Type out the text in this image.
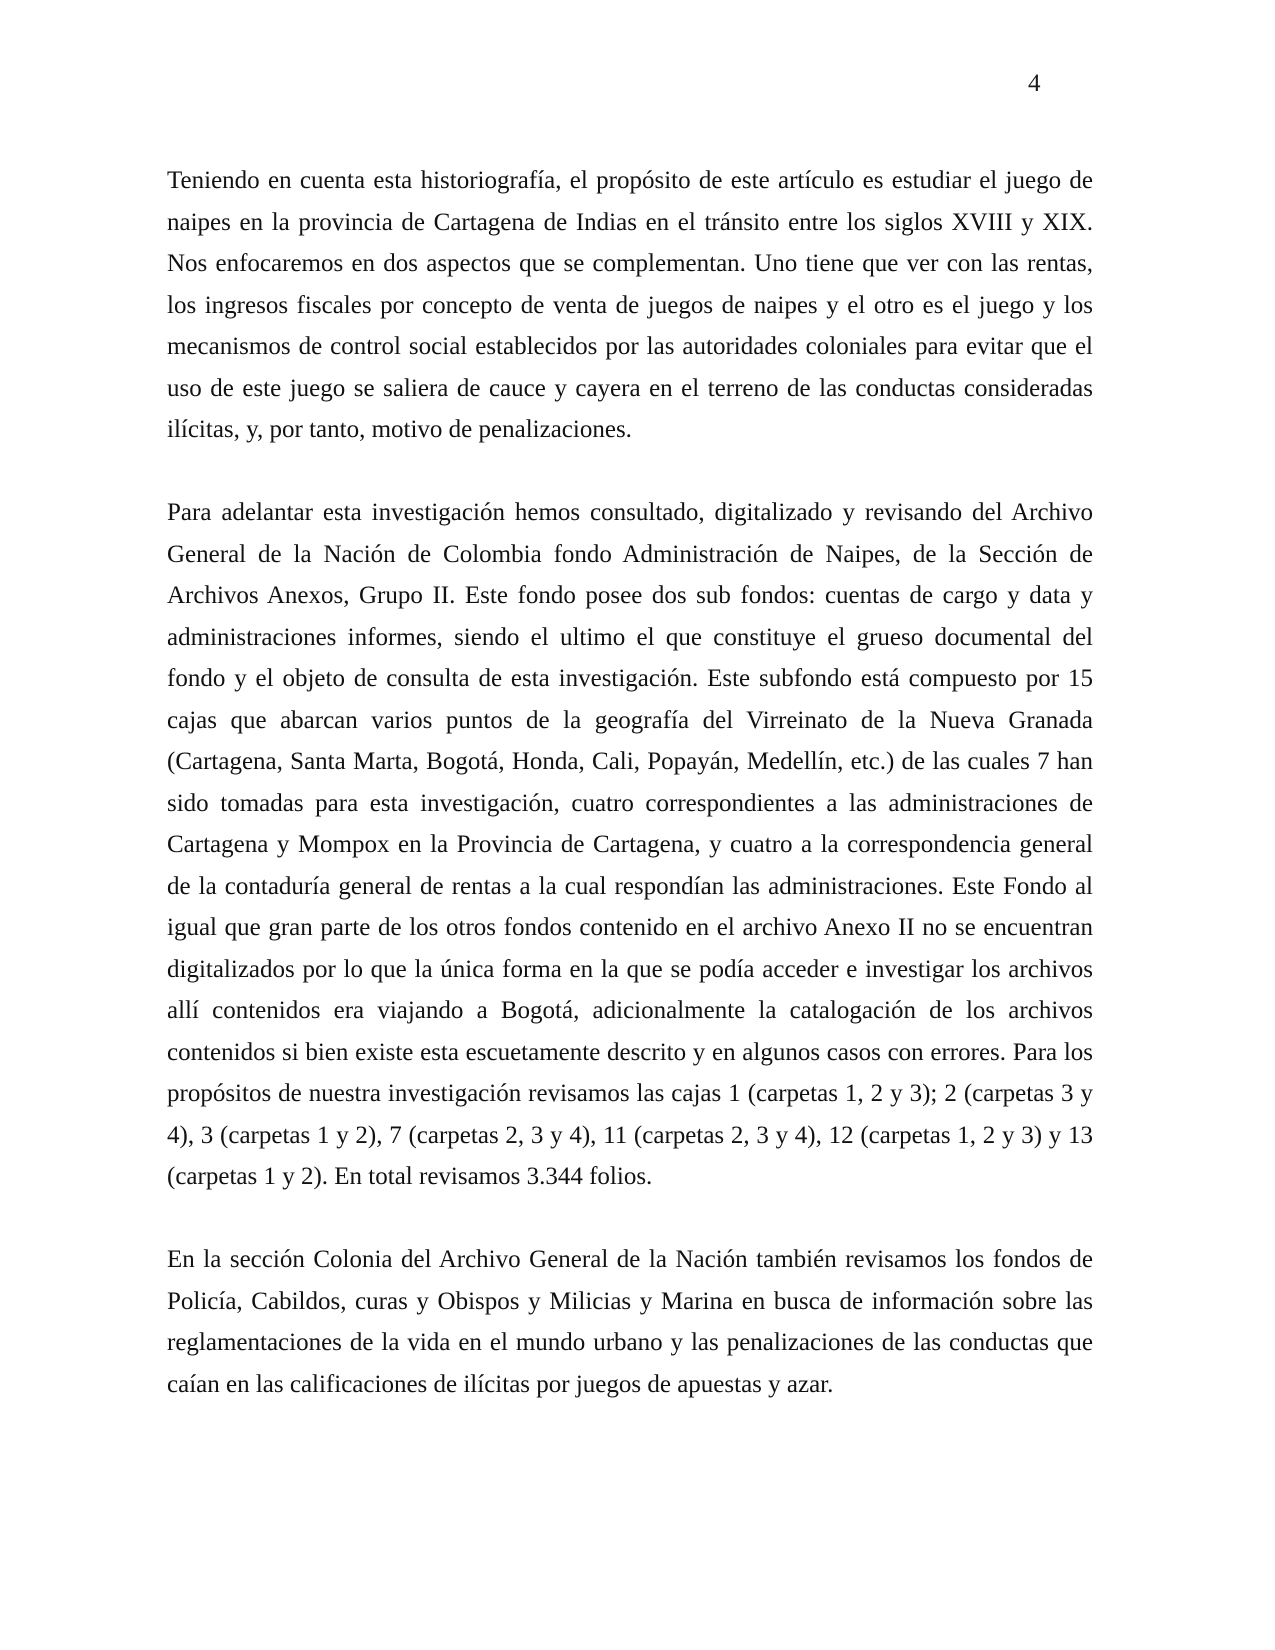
4

Teniendo en cuenta esta historiografía, el propósito de este artículo es estudiar el juego de naipes en la provincia de Cartagena de Indias en el tránsito entre los siglos XVIII y XIX. Nos enfocaremos en dos aspectos que se complementan. Uno tiene que ver con las rentas, los ingresos fiscales por concepto de venta de juegos de naipes y el otro es el juego y los mecanismos de control social establecidos por las autoridades coloniales para evitar que el uso de este juego se saliera de cauce y cayera en el terreno de las conductas consideradas ilícitas, y, por tanto, motivo de penalizaciones.

Para adelantar esta investigación hemos consultado, digitalizado y revisando del Archivo General de la Nación de Colombia fondo Administración de Naipes, de la Sección de Archivos Anexos, Grupo II. Este fondo posee dos sub fondos: cuentas de cargo y data y administraciones informes, siendo el ultimo el que constituye el grueso documental del fondo y el objeto de consulta de esta investigación. Este subfondo está compuesto por 15 cajas que abarcan varios puntos de la geografía del Virreinato de la Nueva Granada (Cartagena, Santa Marta, Bogotá, Honda, Cali, Popayán, Medellín, etc.) de las cuales 7 han sido tomadas para esta investigación, cuatro correspondientes a las administraciones de Cartagena y Mompox en la Provincia de Cartagena, y cuatro a la correspondencia general de la contaduría general de rentas a la cual respondían las administraciones. Este Fondo al igual que gran parte de los otros fondos contenido en el archivo Anexo II no se encuentran digitalizados por lo que la única forma en la que se podía acceder e investigar los archivos allí contenidos era viajando a Bogotá, adicionalmente la catalogación de los archivos contenidos si bien existe esta escuetamente descrito y en algunos casos con errores. Para los propósitos de nuestra investigación revisamos las cajas 1 (carpetas 1, 2 y 3); 2 (carpetas 3 y 4), 3 (carpetas 1 y 2), 7 (carpetas 2, 3 y 4), 11 (carpetas 2, 3 y 4), 12 (carpetas 1, 2 y 3) y 13 (carpetas 1 y 2). En total revisamos 3.344 folios.

En la sección Colonia del Archivo General de la Nación también revisamos los fondos de Policía, Cabildos, curas y Obispos y Milicias y Marina en busca de información sobre las reglamentaciones de la vida en el mundo urbano y las penalizaciones de las conductas que caían en las calificaciones de ilícitas por juegos de apuestas y azar.
